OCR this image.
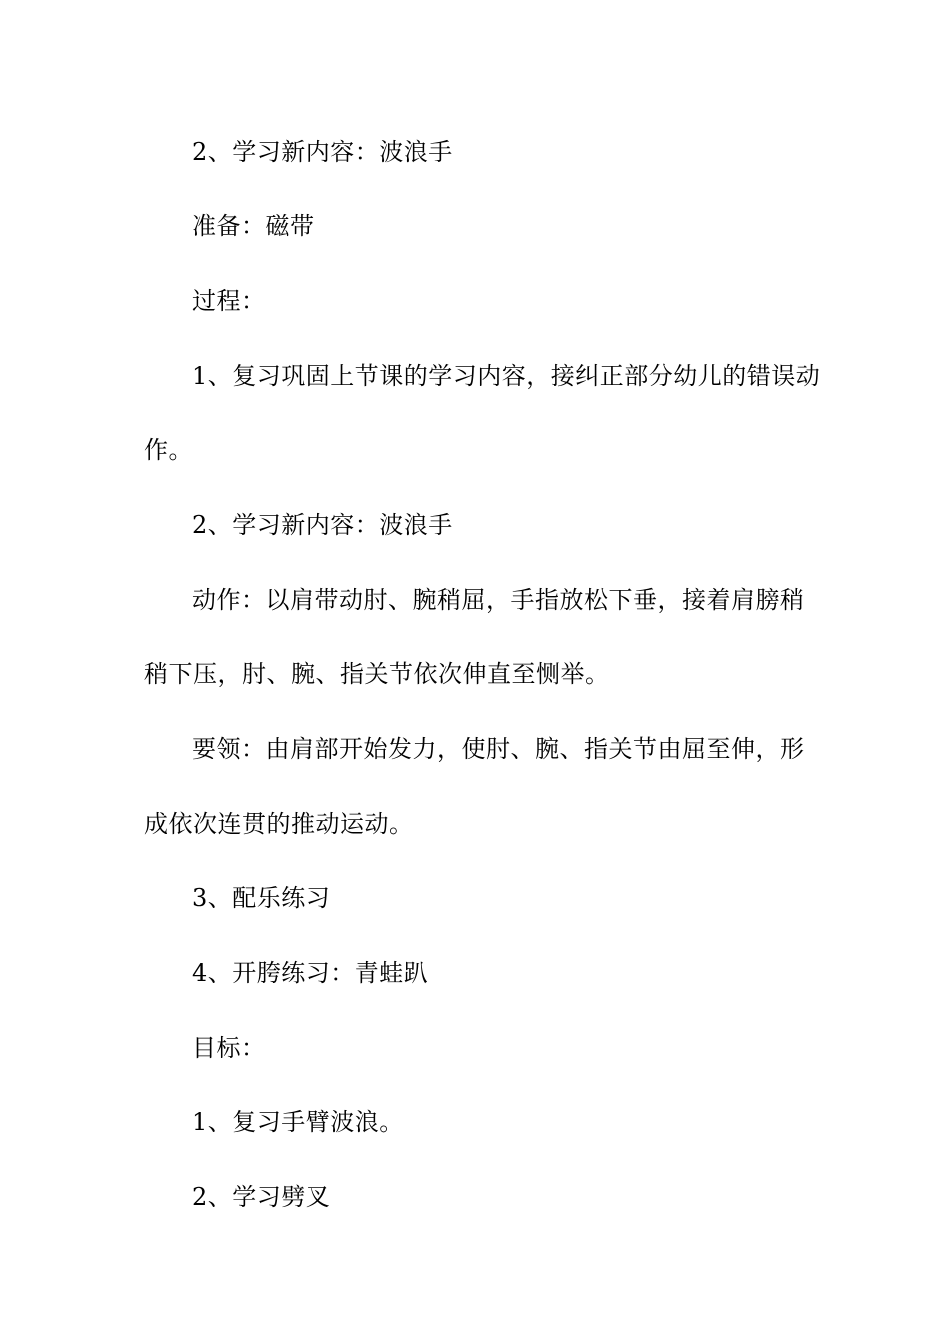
2、学习新内容：波浪手
准备：磁带
过程：
1、复习巩固上节课的学习内容，接纠正部分幼儿的错误动
作。
2、学习新内容：波浪手
动作：以肩带动肘、腕稍屈，手指放松下垂，接着肩膀稍
稍下压，肘、腕、指关节依次伸直至恻举。
要领：由肩部开始发力，使肘、腕、指关节由屈至伸，形
成依次连贯的推动运动。
3、配乐练习
4、开胯练习：青蛙趴
目标：
1、复习手臂波浪。
2、学习劈叉
